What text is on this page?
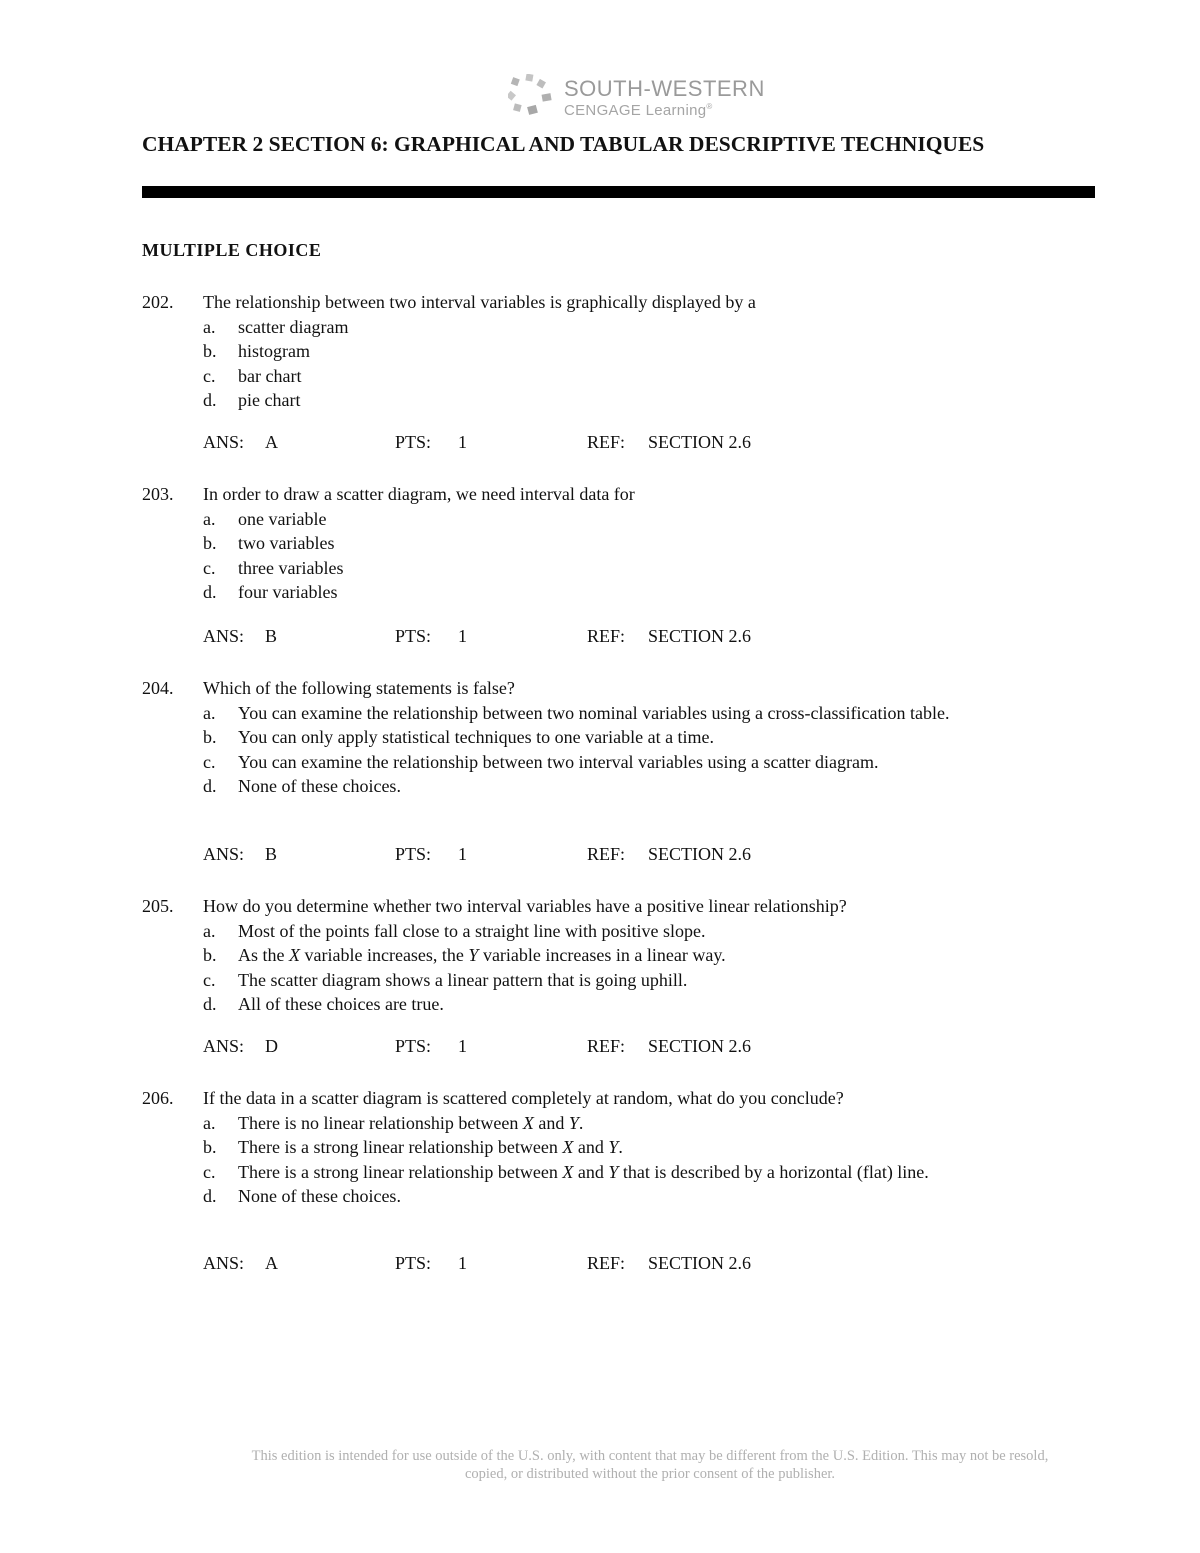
SOUTH-WESTERN
CENGAGE Learning®
CHAPTER 2 SECTION 6: GRAPHICAL AND TABULAR DESCRIPTIVE TECHNIQUES
MULTIPLE CHOICE
202. The relationship between two interval variables is graphically displayed by a
a. scatter diagram
b. histogram
c. bar chart
d. pie chart
ANS: A	PTS: 1	REF: SECTION 2.6
203. In order to draw a scatter diagram, we need interval data for
a. one variable
b. two variables
c. three variables
d. four variables
ANS: B	PTS: 1	REF: SECTION 2.6
204. Which of the following statements is false?
a. You can examine the relationship between two nominal variables using a cross-classification table.
b. You can only apply statistical techniques to one variable at a time.
c. You can examine the relationship between two interval variables using a scatter diagram.
d. None of these choices.
ANS: B	PTS: 1	REF: SECTION 2.6
205. How do you determine whether two interval variables have a positive linear relationship?
a. Most of the points fall close to a straight line with positive slope.
b. As the X variable increases, the Y variable increases in a linear way.
c. The scatter diagram shows a linear pattern that is going uphill.
d. All of these choices are true.
ANS: D	PTS: 1	REF: SECTION 2.6
206. If the data in a scatter diagram is scattered completely at random, what do you conclude?
a. There is no linear relationship between X and Y.
b. There is a strong linear relationship between X and Y.
c. There is a strong linear relationship between X and Y that is described by a horizontal (flat) line.
d. None of these choices.
ANS: A	PTS: 1	REF: SECTION 2.6
This edition is intended for use outside of the U.S. only, with content that may be different from the U.S. Edition. This may not be resold,
copied, or distributed without the prior consent of the publisher.
